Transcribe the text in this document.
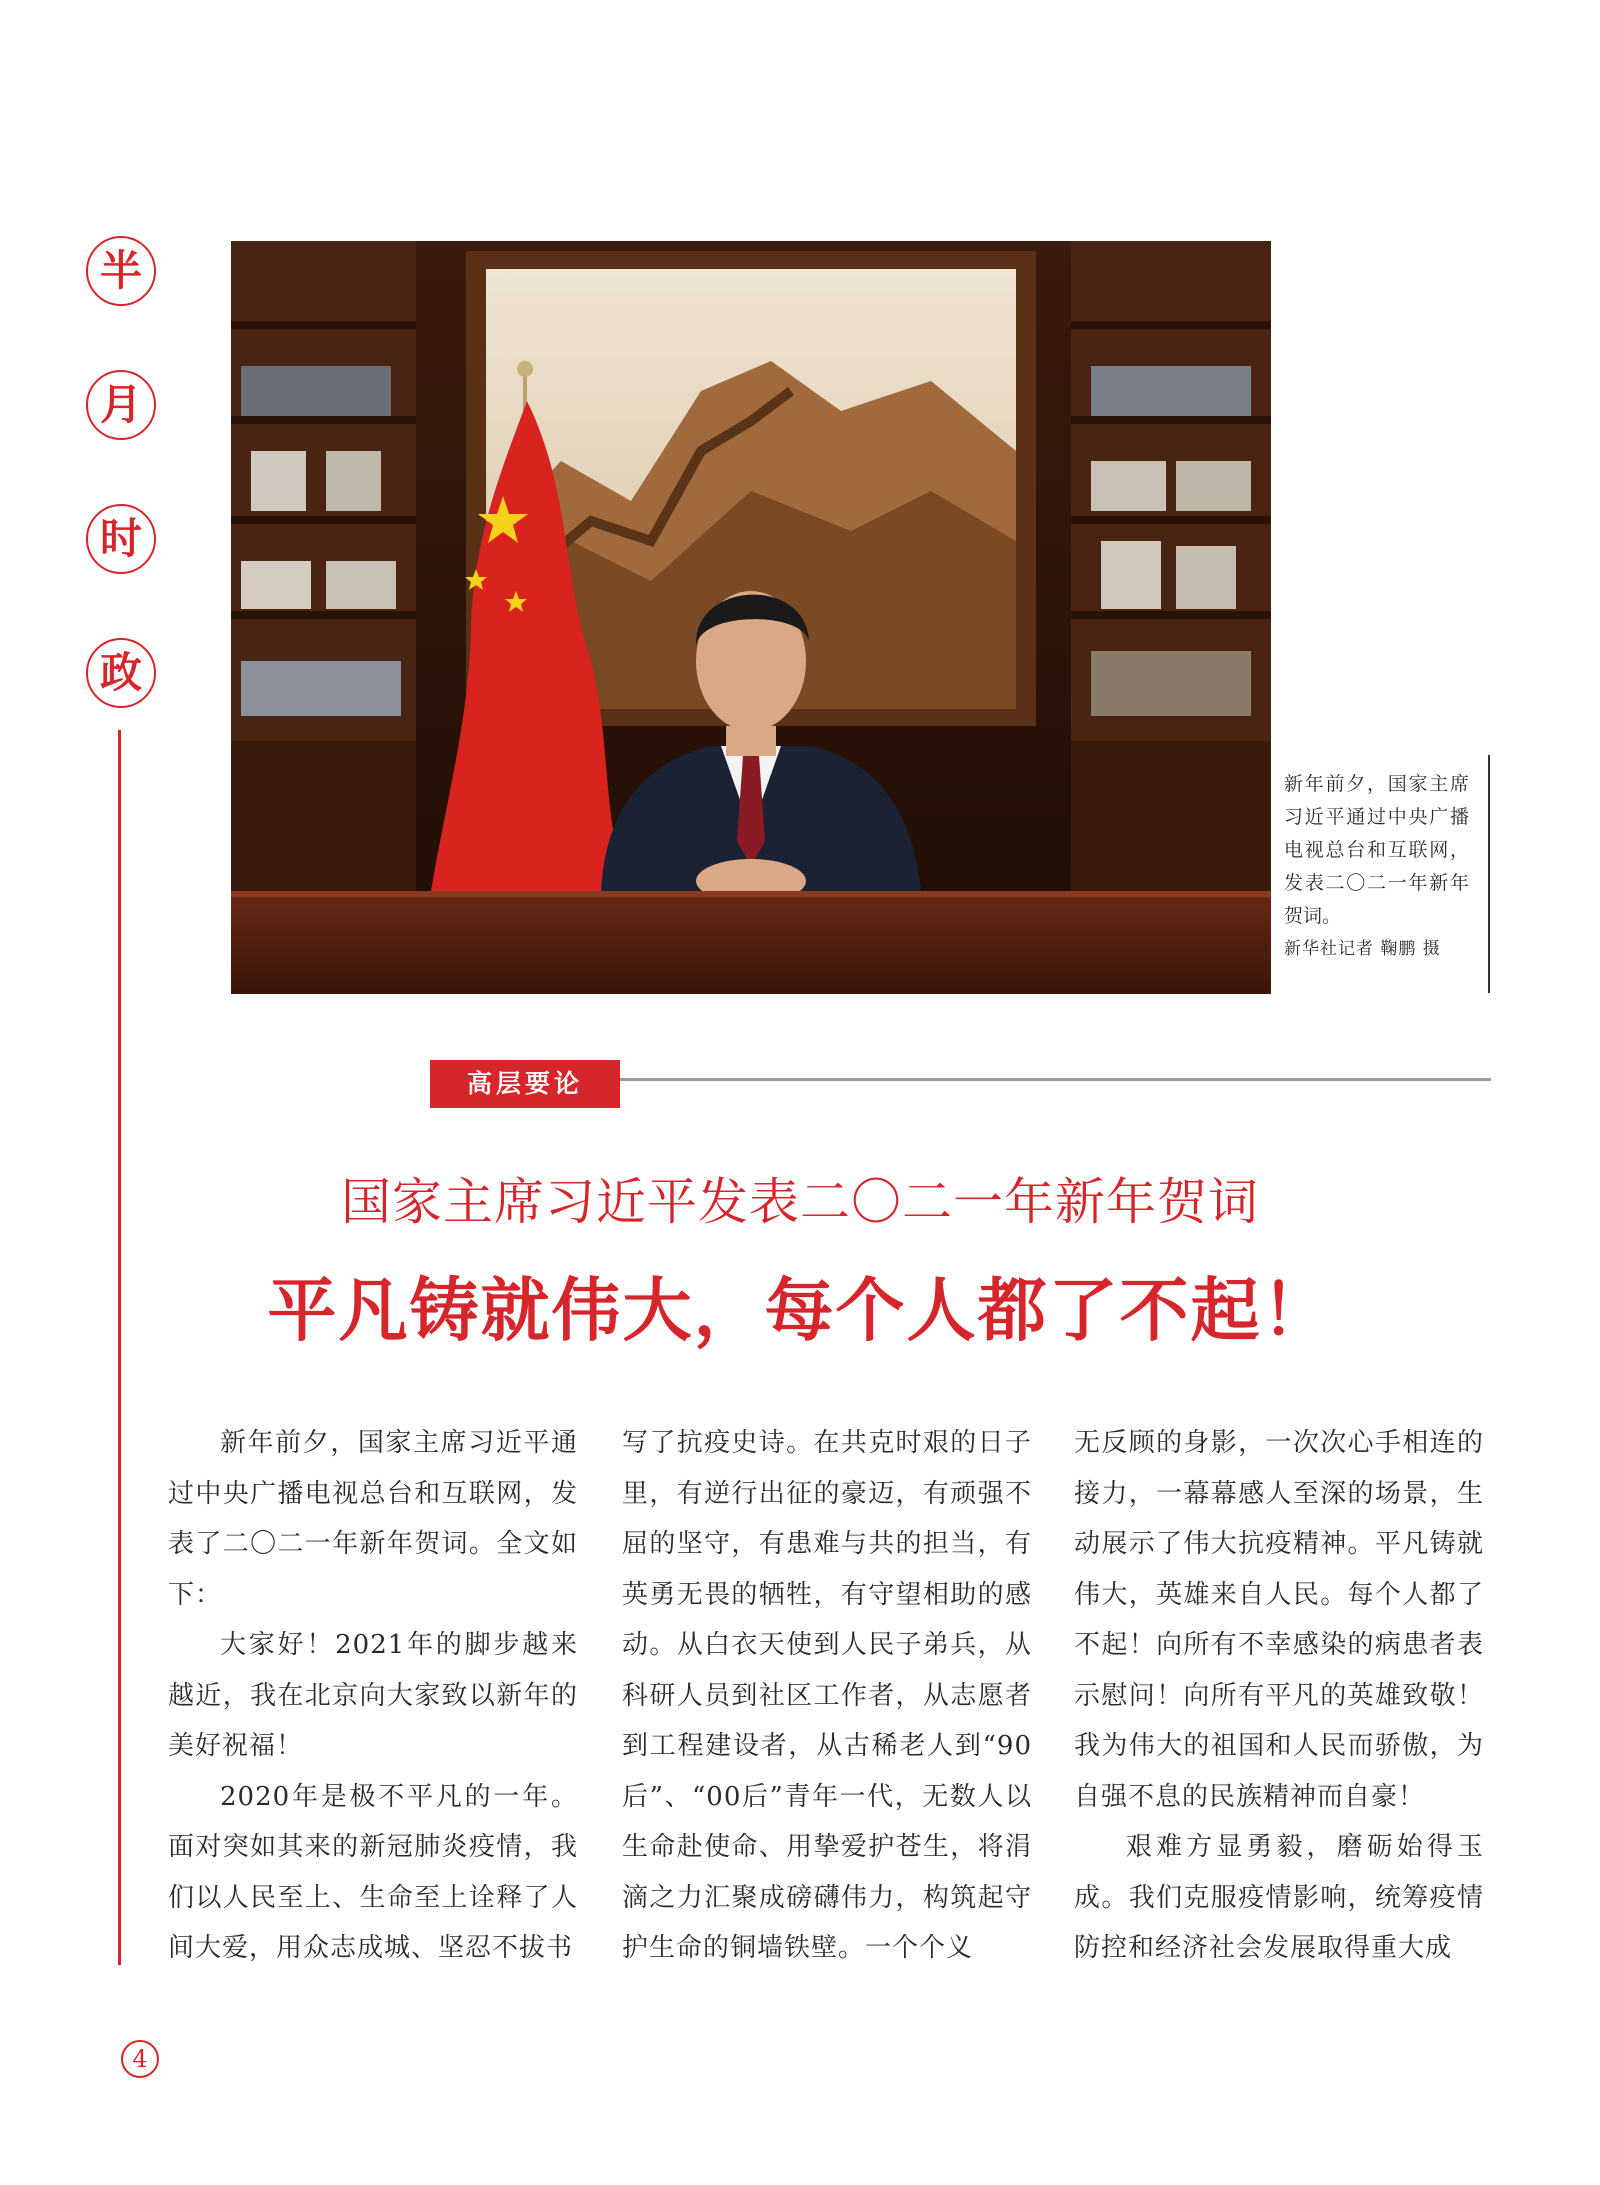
半
月
时
政
新年前夕，国家主席习近平通过中央广播电视总台和互联网，发表二〇二一年新年贺词。
新华社记者 鞠鹏 摄
高层要论
国家主席习近平发表二〇二一年新年贺词
平凡铸就伟大，每个人都了不起！

新年前夕，国家主席习近平通过中央广播电视总台和互联网，发表了二〇二一年新年贺词。全文如下：

大家好！2021年的脚步越来越近，我在北京向大家致以新年的美好祝福！

2020年是极不平凡的一年。面对突如其来的新冠肺炎疫情，我们以人民至上、生命至上诠释了人间大爱，用众志成城、坚忍不拔书

写了抗疫史诗。在共克时艰的日子里，有逆行出征的豪迈，有顽强不屈的坚守，有患难与共的担当，有英勇无畏的牺牲，有守望相助的感动。从白衣天使到人民子弟兵，从科研人员到社区工作者，从志愿者到工程建设者，从古稀老人到“90后”、“00后”青年一代，无数人以生命赴使命、用挚爱护苍生，将涓滴之力汇聚成磅礴伟力，构筑起守护生命的铜墙铁壁。一个个义

无反顾的身影，一次次心手相连的接力，一幕幕感人至深的场景，生动展示了伟大抗疫精神。平凡铸就伟大，英雄来自人民。每个人都了不起！向所有不幸感染的病患者表示慰问！向所有平凡的英雄致敬！我为伟大的祖国和人民而骄傲，为自强不息的民族精神而自豪！

艰难方显勇毅，磨砺始得玉成。我们克服疫情影响，统筹疫情防控和经济社会发展取得重大成

4
